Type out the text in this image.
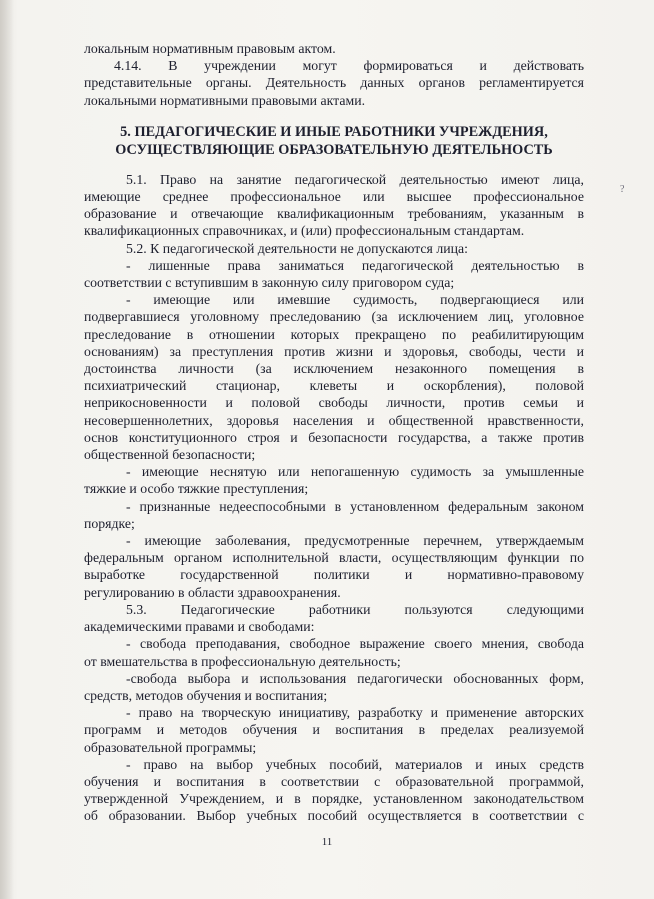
локальным нормативным правовым актом.

4.14. В учреждении могут формироваться и действовать

представительные органы. Деятельность данных органов регламентируется

локальными нормативными правовыми актами.

5. ПЕДАГОГИЧЕСКИЕ И ИНЫЕ РАБОТНИКИ УЧРЕЖДЕНИЯ,

ОСУЩЕСТВЛЯЮЩИЕ ОБРАЗОВАТЕЛЬНУЮ ДЕЯТЕЛЬНОСТЬ

5.1. Право на занятие педагогической деятельностью имеют лица,

имеющие среднее профессиональное или высшее профессиональное

образование и отвечающие квалификационным требованиям, указанным в

квалификационных справочниках, и (или) профессиональным стандартам.

5.2. К педагогической деятельности не допускаются лица:

- лишенные права заниматься педагогической деятельностью в

соответствии с вступившим в законную силу приговором суда;

- имеющие или имевшие судимость, подвергающиеся или

подвергавшиеся уголовному преследованию (за исключением лиц, уголовное

преследование в отношении которых прекращено по реабилитирующим

основаниям) за преступления против жизни и здоровья, свободы, чести и

достоинства личности (за исключением незаконного помещения в

психиатрический стационар, клеветы и оскорбления), половой

неприкосновенности и половой свободы личности, против семьи и

несовершеннолетних, здоровья населения и общественной нравственности,

основ конституционного строя и безопасности государства, а также против

общественной безопасности;

- имеющие неснятую или непогашенную судимость за умышленные

тяжкие и особо тяжкие преступления;

- признанные недееспособными в установленном федеральным законом

порядке;

- имеющие заболевания, предусмотренные перечнем, утверждаемым

федеральным органом исполнительной власти, осуществляющим функции по

выработке государственной политики и нормативно-правовому

регулированию в области здравоохранения.

5.3. Педагогические работники пользуются следующими

академическими правами и свободами:

- свобода преподавания, свободное выражение своего мнения, свобода

от вмешательства в профессиональную деятельность;

-свобода выбора и использования педагогически обоснованных форм,

средств, методов обучения и воспитания;

- право на творческую инициативу, разработку и применение авторских

программ и методов обучения и воспитания в пределах реализуемой

образовательной программы;

- право на выбор учебных пособий, материалов и иных средств

обучения и воспитания в соответствии с образовательной программой,

утвержденной Учреждением, и в порядке, установленном законодательством

об образовании. Выбор учебных пособий осуществляется в соответствии с

?
11
